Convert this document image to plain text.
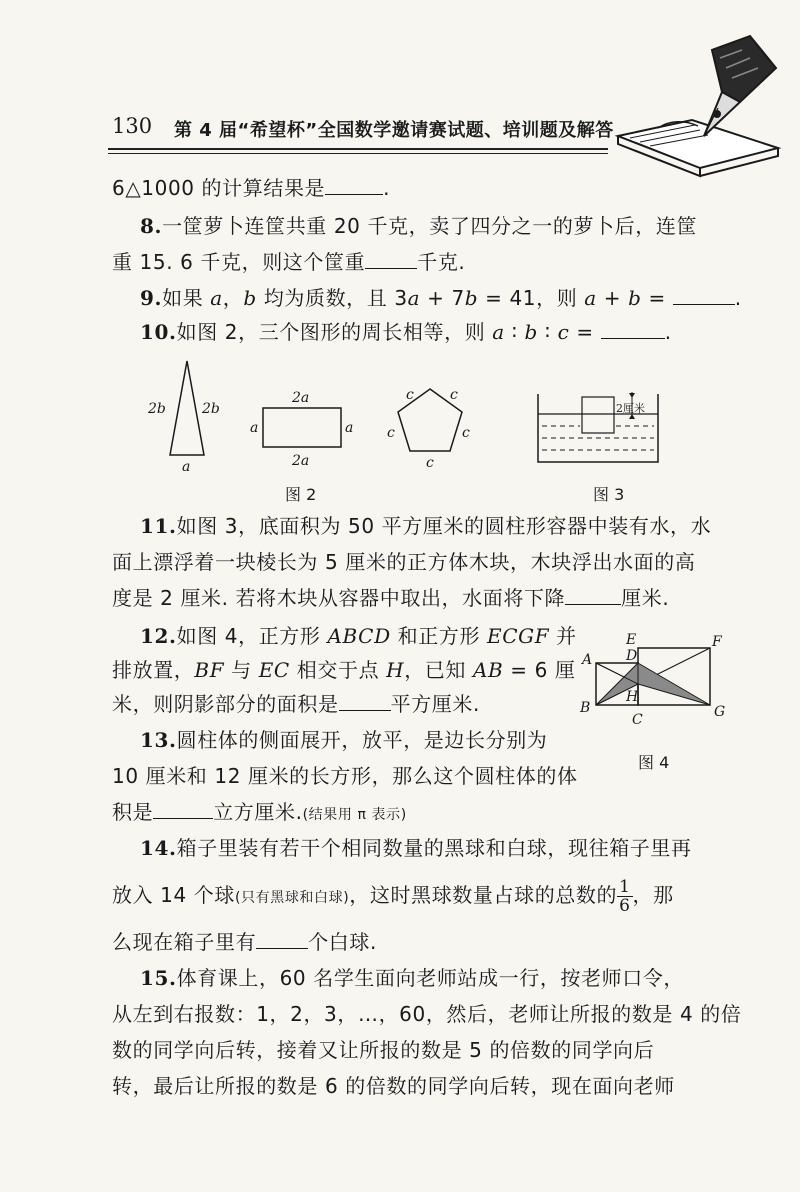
130 第 4 届“希望杯”全国数学邀请赛试题、培训题及解答
6△1000 的计算结果是	.
8.一筐萝卜连筐共重 20 千克，卖了四分之一的萝卜后，连筐
重 15. 6 千克，则这个筐重	千克.
9.如果 a，b 均为质数，且 3a + 7b = 41，则 a + b =	.
10.如图 2，三个图形的周长相等，则 a ∶ b ∶ c =	.
2b	2b
a
2a
2a
a	a
c	c
c	c
c
图 2
2厘米
图 3
11.如图 3，底面积为 50 平方厘米的圆柱形容器中装有水，水
面上漂浮着一块棱长为 5 厘米的正方体木块，木块浮出水面的高
度是 2 厘米. 若将木块从容器中取出，水面将下降	厘米.
12.如图 4，正方形 ABCD 和正方形 ECGF 并
排放置，BF 与 EC 相交于点 H，已知 AB = 6 厘
米，则阴影部分的面积是	平方厘米.
E	F
A D
H
B
C	G
图 4
13.圆柱体的侧面展开，放平，是边长分别为
10 厘米和 12 厘米的长方形，那么这个圆柱体的体
积是	立方厘米.(结果用 π 表示)
14.箱子里装有若干个相同数量的黑球和白球，现往箱子里再
放入 14 个球(只有黑球和白球)，这时黑球数量占球的总数的 $\frac{1}{6}$ ，那
么现在箱子里有	个白球.
15.体育课上，60 名学生面向老师站成一行，按老师口令，
从左到右报数：1，2，3，…，60，然后，老师让所报的数是 4 的倍
数的同学向后转，接着又让所报的数是 5 的倍数的同学向后
转，最后让所报的数是 6 的倍数的同学向后转，现在面向老师
